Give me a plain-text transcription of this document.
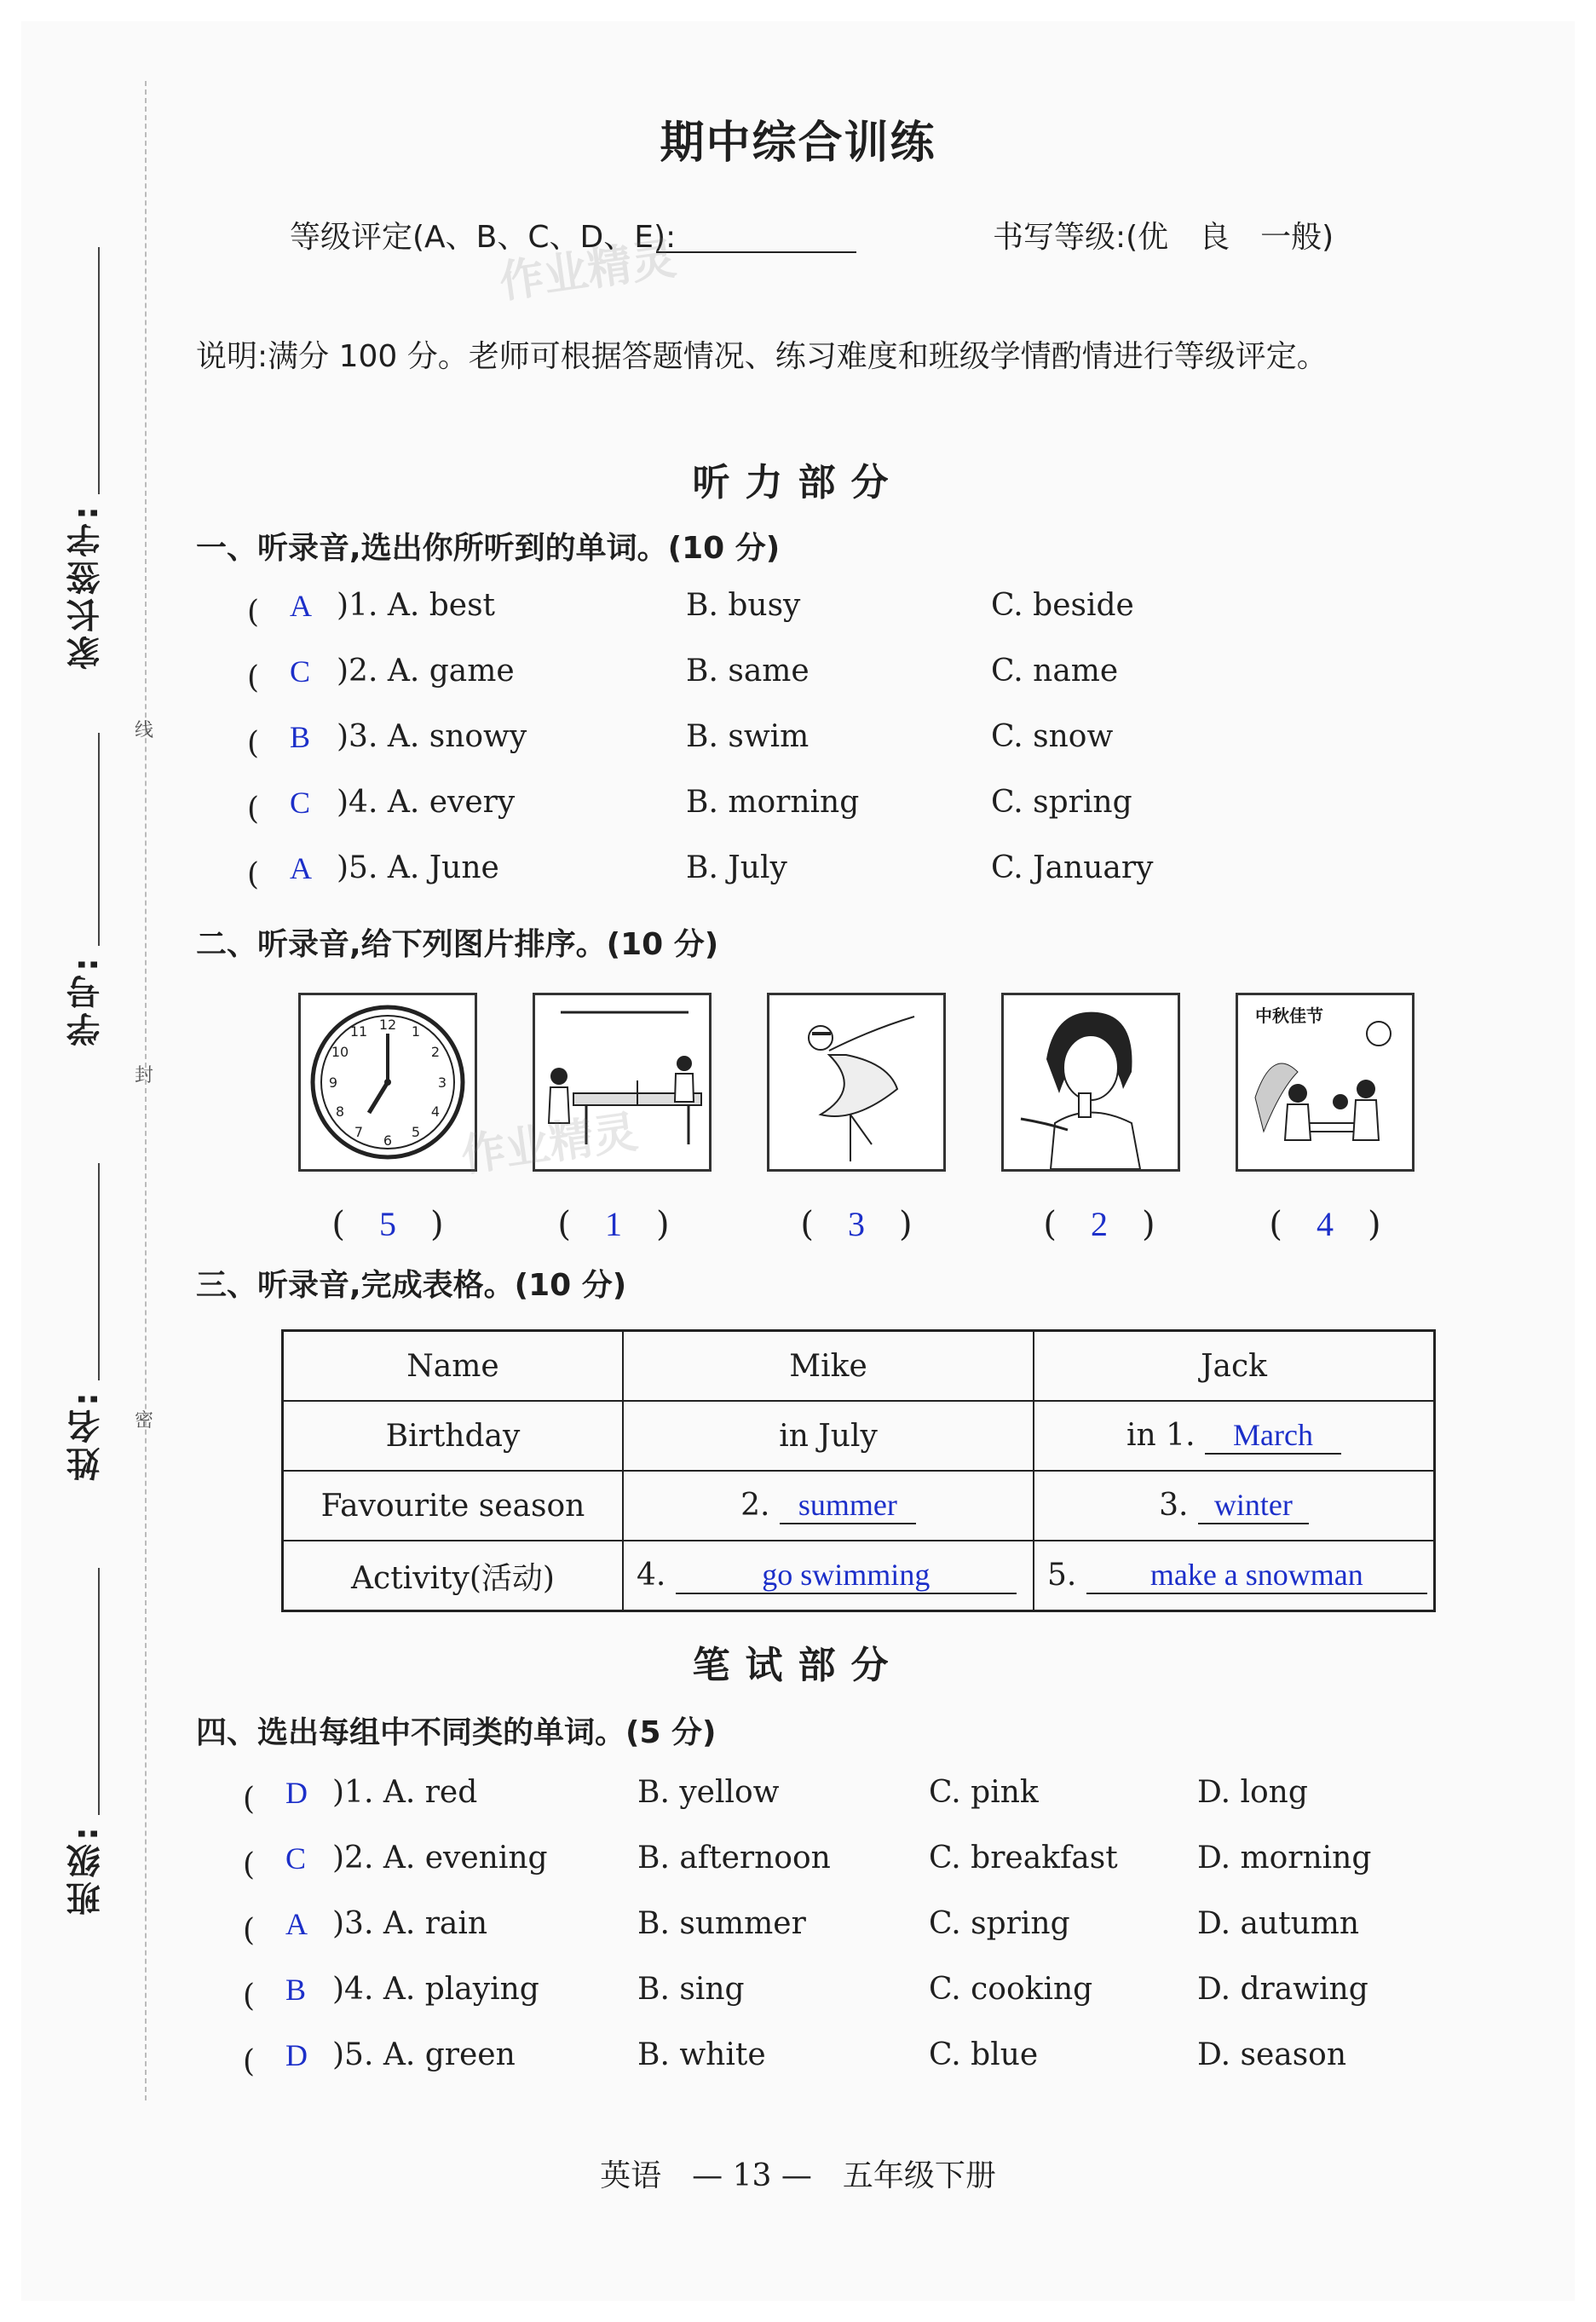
家长签字:
学号:
姓名:
班级:
线
封
密
期中综合训练
等级评定(A、B、C、D、E):	书写等级:(优　良　一般)
作业精灵
说明:满分 100 分。老师可根据答题情况、练习难度和班级学情酌情进行等级评定。
听力部分
一、听录音,选出你所听到的单词。(10 分)
(　 A )1. A. best	B. busy	C. beside
(　 C )2. A. game	B. same	C. name
(　 B )3. A. snowy	B. swim	C. snow
(　 C )4. A. every	B. morning	C. spring
(　 A )5. A. June	B. July	C. January
二、听录音,给下列图片排序。(10 分)
12 1
2
3
4
5
6
7
8
9
10
11
中秋佳节
作业精灵
(　5　)	(　1　)	(　3　)	(　2　)	(　4　)
三、听录音,完成表格。(10 分)
Name	Mike	Jack
Birthday	in July	in 1. March
Favourite season	2. summer	3. winter
Activity(活动)	4. go swimming	5. make a snowman
笔试部分
四、选出每组中不同类的单词。(5 分)
(　 D )1. A. red	B. yellow	C. pink	D. long
(　 C )2. A. evening	B. afternoon	C. breakfast	D. morning
(　 A )3. A. rain	B. summer	C. spring	D. autumn
(　 B )4. A. playing	B. sing	C. cooking	D. drawing
(　 D )5. A. green	B. white	C. blue	D. season
英语　— 13 —　五年级下册
